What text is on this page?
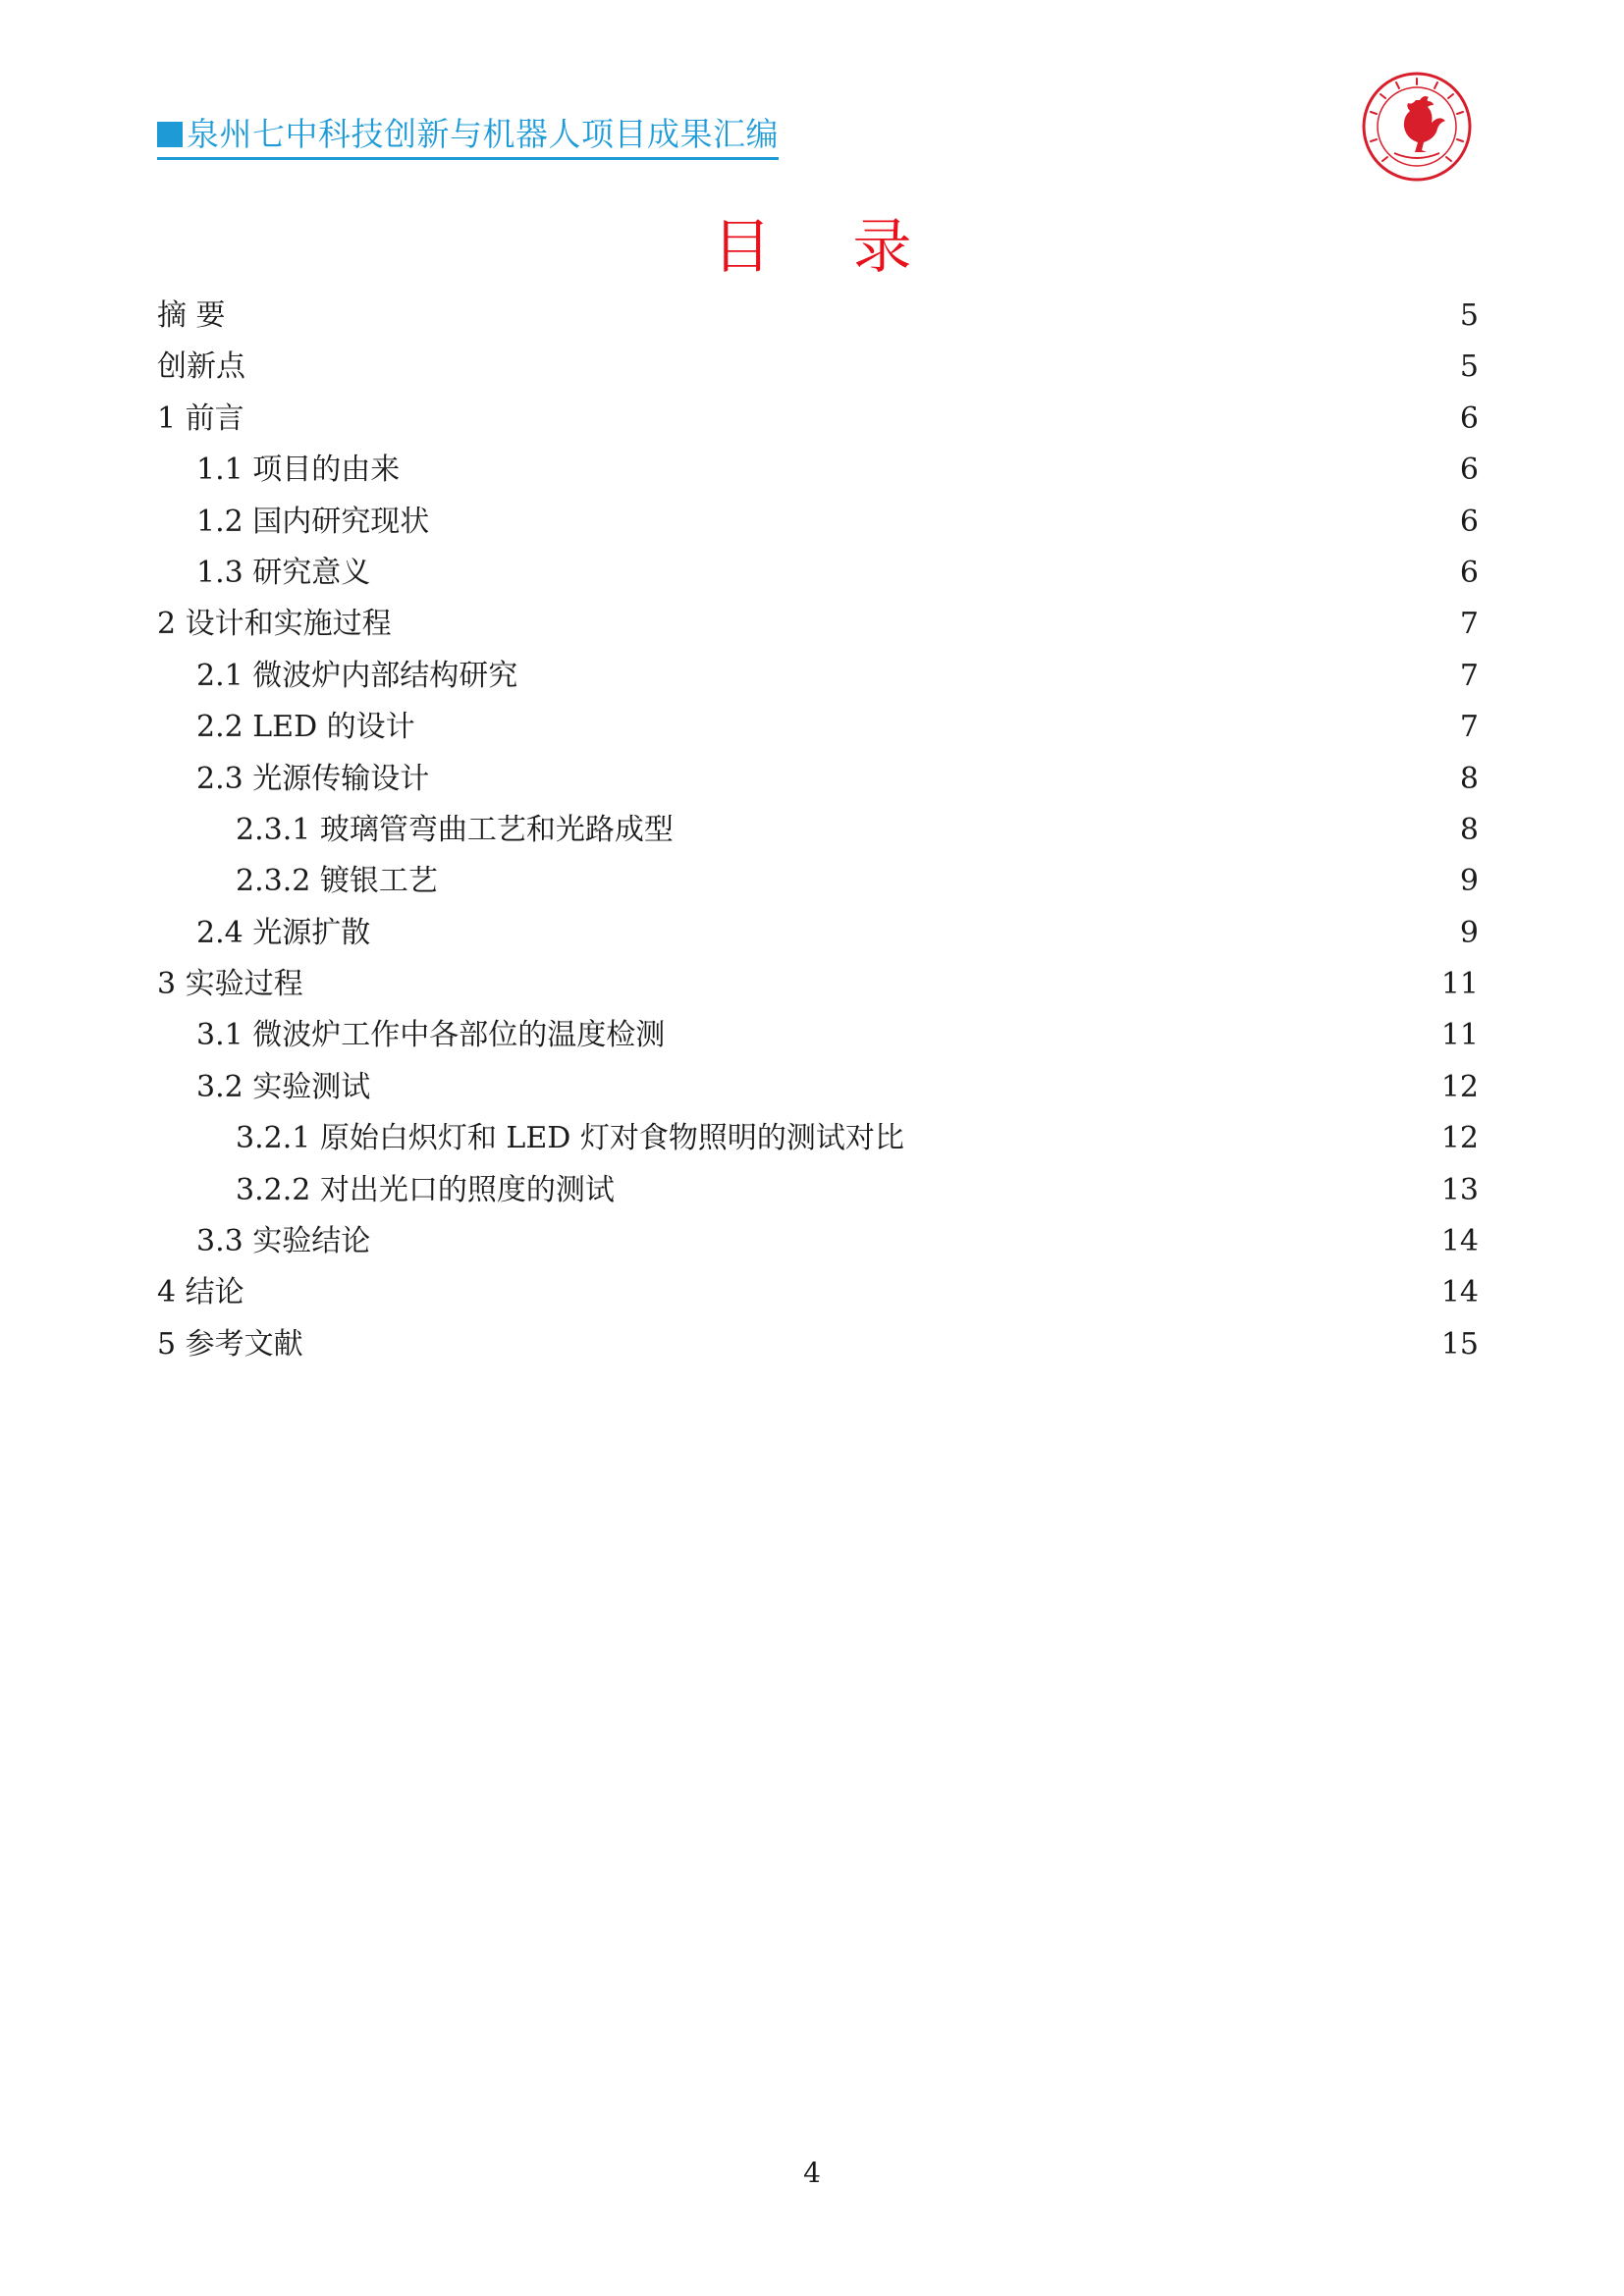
泉州七中科技创新与机器人项目成果汇编
目 录
摘 要 . . .	5
创新点 . . .	5
1 前言 . . .	6
1.1 项目的由来 . . .	6
1.2 国内研究现状 . . .	6
1.3 研究意义 . . .	6
2 设计和实施过程 . . .	7
2.1 微波炉内部结构研究 . . .	7
2.2 LED 的设计 . . .	7
2.3 光源传输设计 . . .	8
2.3.1 玻璃管弯曲工艺和光路成型 . . .	8
2.3.2 镀银工艺 . . .	9
2.4 光源扩散 . . .	9
3 实验过程 . . .	11
3.1 微波炉工作中各部位的温度检测 . . .	11
3.2 实验测试 . . .	12
3.2.1 原始白炽灯和 LED 灯对食物照明的测试对比 . . .	12
3.2.2 对出光口的照度的测试 . . .	13
3.3 实验结论 . . .	14
4 结论 . . .	14
5 参考文献 . . .	15
4
